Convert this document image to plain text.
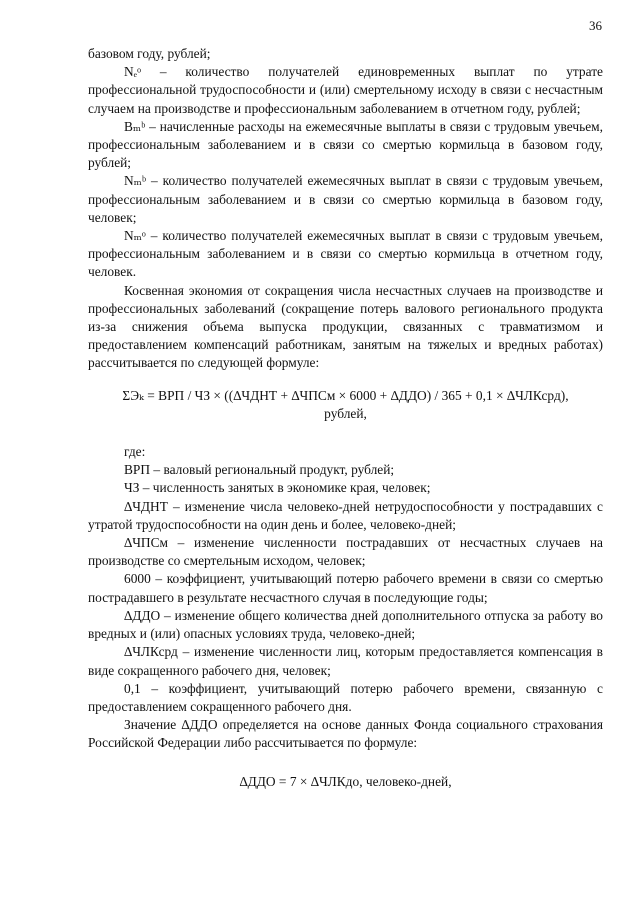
36

базовом году, рублей;

Nₑᵒ – количество получателей единовременных выплат по утрате профессиональной трудоспособности и (или) смертельному исходу в связи с несчастным случаем на производстве и профессиональным заболеванием в отчетном году, рублей;

Bₘᵇ – начисленные расходы на ежемесячные выплаты в связи с трудовым увечьем, профессиональным заболеванием и в связи со смертью кормильца в базовом году, рублей;

Nₘᵇ – количество получателей ежемесячных выплат в связи с трудовым увечьем, профессиональным заболеванием и в связи со смертью кормильца в базовом году, человек;

Nₘᵒ – количество получателей ежемесячных выплат в связи с трудовым увечьем, профессиональным заболеванием и в связи со смертью кормильца в отчетном году, человек.

Косвенная экономия от сокращения числа несчастных случаев на производстве и профессиональных заболеваний (сокращение потерь валового регионального продукта из-за снижения объема выпуска продукции, связанных с травматизмом и предоставлением компенсаций работникам, занятым на тяжелых и вредных работах) рассчитывается по следующей формуле:

ΣЭₖ = ВРП / ЧЗ × ((∆ЧДНТ + ∆ЧПСм × 6000 + ∆ДДО) / 365 + 0,1 × ∆ЧЛКсрд),
рублей,

где:

ВРП – валовый региональный продукт, рублей;

ЧЗ – численность занятых в экономике края, человек;

∆ЧДНТ – изменение числа человеко-дней нетрудоспособности у пострадавших с утратой трудоспособности на один день и более, человеко-дней;

∆ЧПСм – изменение численности пострадавших от несчастных случаев на производстве со смертельным исходом, человек;

6000 – коэффициент, учитывающий потерю рабочего времени в связи со смертью пострадавшего в результате несчастного случая в последующие годы;

∆ДДО – изменение общего количества дней дополнительного отпуска за работу во вредных и (или) опасных условиях труда, человеко-дней;

∆ЧЛКсрд – изменение численности лиц, которым предоставляется компенсация в виде сокращенного рабочего дня, человек;

0,1 – коэффициент, учитывающий потерю рабочего времени, связанную с предоставлением сокращенного рабочего дня.

Значение ∆ДДО определяется на основе данных Фонда социального страхования Российской Федерации либо рассчитывается по формуле:

∆ДДО = 7 × ∆ЧЛКдо, человеко-дней,
